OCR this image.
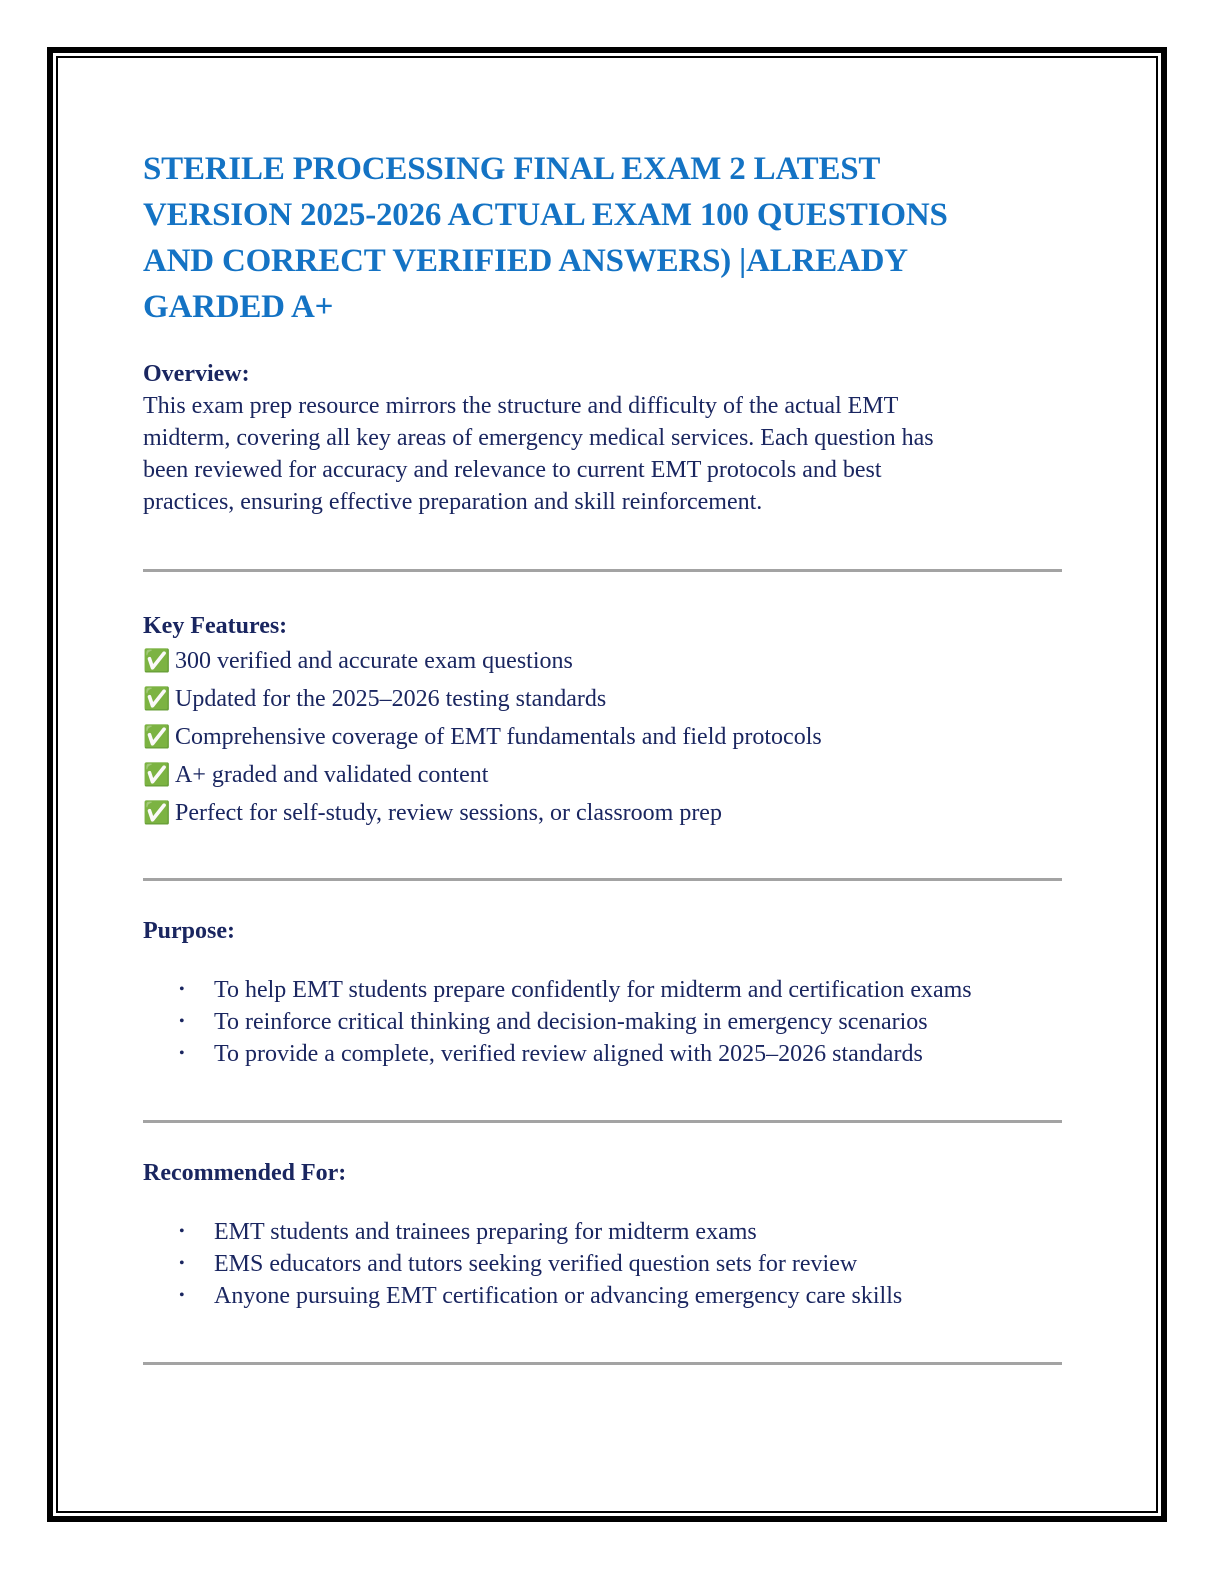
STERILE PROCESSING FINAL EXAM 2 LATEST
VERSION 2025-2026 ACTUAL EXAM 100 QUESTIONS
AND CORRECT VERIFIED ANSWERS) |ALREADY
GARDED A+

Overview:

This exam prep resource mirrors the structure and difficulty of the actual EMT
midterm, covering all key areas of emergency medical services. Each question has
been reviewed for accuracy and relevance to current EMT protocols and best
practices, ensuring effective preparation and skill reinforcement.

Key Features:

✅ 300 verified and accurate exam questions
✅ Updated for the 2025–2026 testing standards
✅ Comprehensive coverage of EMT fundamentals and field protocols
✅ A+ graded and validated content
✅ Perfect for self-study, review sessions, or classroom prep

Purpose:

• To help EMT students prepare confidently for midterm and certification exams
• To reinforce critical thinking and decision-making in emergency scenarios
• To provide a complete, verified review aligned with 2025–2026 standards

Recommended For:

• EMT students and trainees preparing for midterm exams
• EMS educators and tutors seeking verified question sets for review
• Anyone pursuing EMT certification or advancing emergency care skills
